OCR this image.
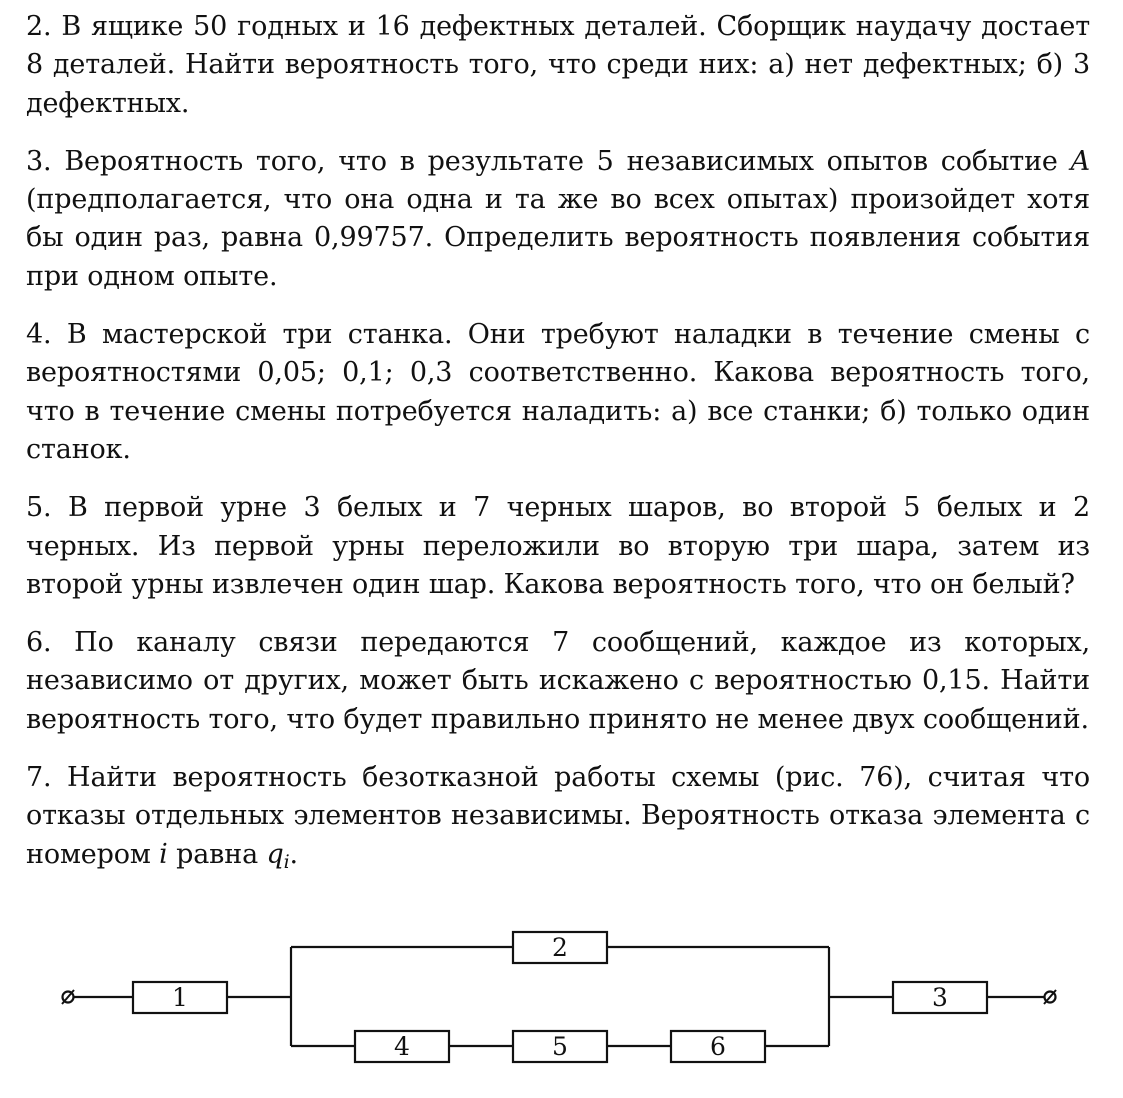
2. В ящике 50 годных и 16 дефектных деталей. Сборщик наудачу достает 8 деталей. Найти вероятность того, что среди них: а) нет дефектных; б) 3 дефектных.

3. Вероятность того, что в результате 5 независимых опытов событие A (предполагается, что она одна и та же во всех опытах) произойдет хотя бы один раз, равна 0,99757. Определить вероятность появления события при одном опыте.

4. В мастерской три станка. Они требуют наладки в течение смены с вероятностями 0,05; 0,1; 0,3 соответственно. Какова вероятность того, что в течение смены потребуется наладить: а) все станки; б) только один станок.

5. В первой урне 3 белых и 7 черных шаров, во второй 5 белых и 2 черных. Из первой урны переложили во вторую три шара, затем из второй урны извлечен один шар. Какова вероятность того, что он белый?

6. По каналу связи передаются 7 сообщений, каждое из которых, независимо от других, может быть искажено с вероятностью 0,15. Найти вероятность того, что будет правильно принято не менее двух сообщений.

7. Найти вероятность безотказной работы схемы (рис. 76), считая что отказы отдельных элементов независимы. Вероятность отказа элемента с номером i равна $q_i$.

1
2
3
4	5	6
